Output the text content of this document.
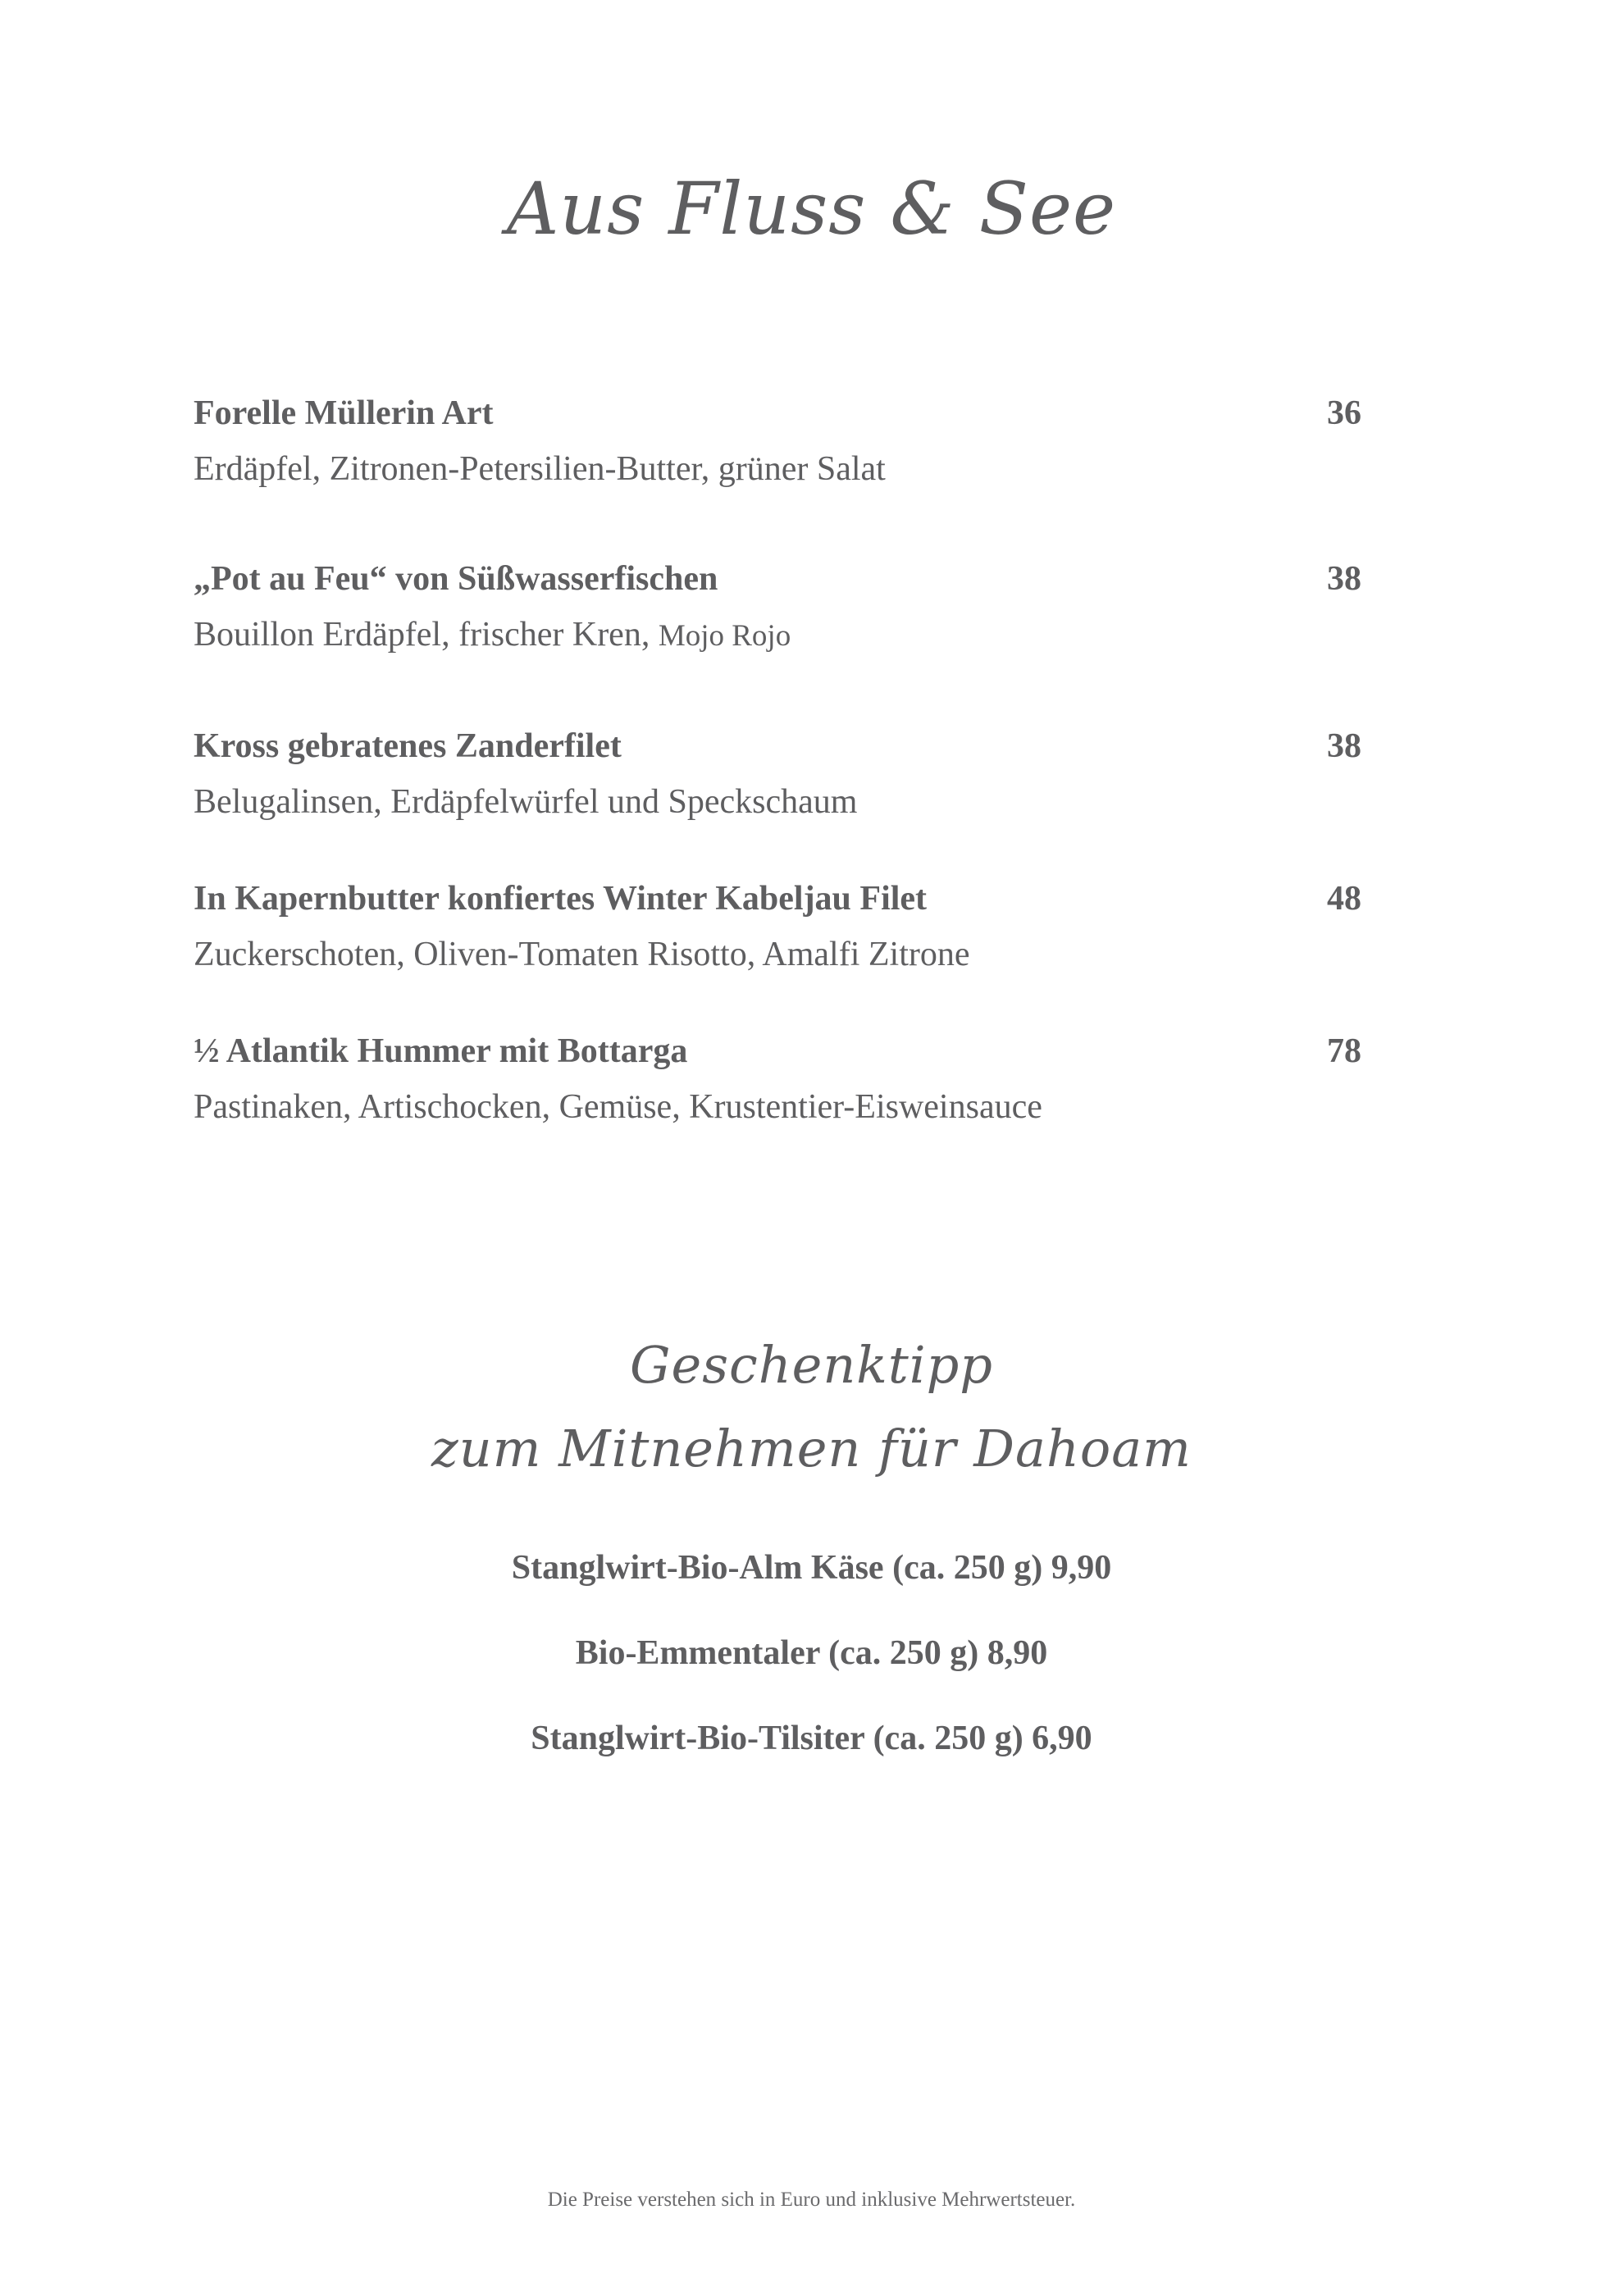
Aus Fluss & See
Forelle Müllerin Art	36
Erdäpfel, Zitronen-Petersilien-Butter, grüner Salat
„Pot au Feu“ von Süßwasserfischen	38
Bouillon Erdäpfel, frischer Kren, Mojo Rojo
Kross gebratenes Zanderfilet	38
Belugalinsen, Erdäpfelwürfel und Speckschaum
In Kapernbutter konfiertes Winter Kabeljau Filet	48
Zuckerschoten, Oliven-Tomaten Risotto, Amalfi Zitrone
½ Atlantik Hummer mit Bottarga	78
Pastinaken, Artischocken, Gemüse, Krustentier-Eisweinsauce
Geschenktipp
zum Mitnehmen für Dahoam
Stanglwirt-Bio-Alm Käse (ca. 250 g) 9,90
Bio-Emmentaler (ca. 250 g) 8,90
Stanglwirt-Bio-Tilsiter (ca. 250 g) 6,90

Die Preise verstehen sich in Euro und inklusive Mehrwertsteuer.
